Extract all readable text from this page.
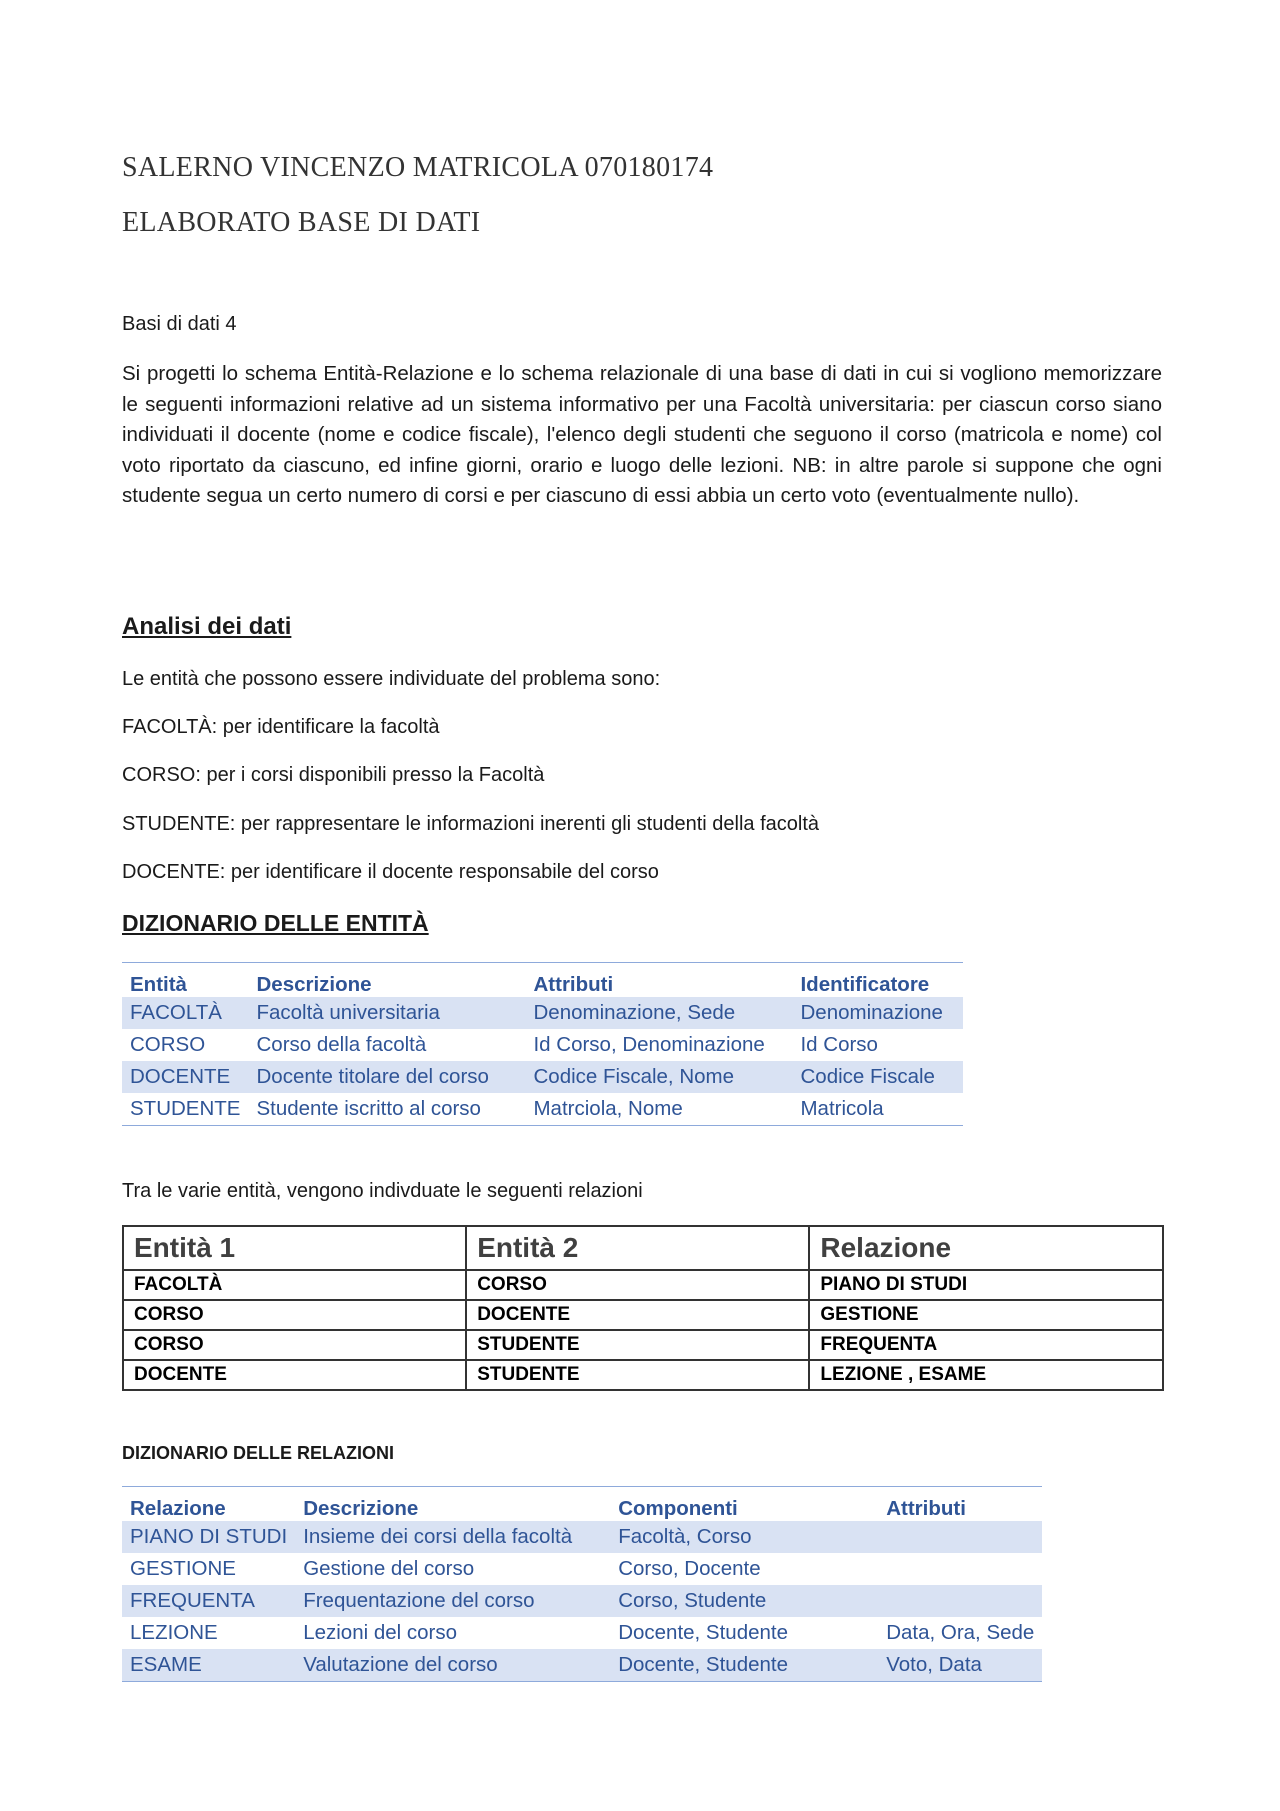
SALERNO VINCENZO MATRICOLA 070180174
ELABORATO BASE DI DATI

Basi di dati 4

Si progetti lo schema Entità-Relazione e lo schema relazionale di una base di dati in cui si vogliono memorizzare le seguenti informazioni relative ad un sistema informativo per una Facoltà universitaria: per ciascun corso siano individuati il docente (nome e codice fiscale), l'elenco degli studenti che seguono il corso (matricola e nome) col voto riportato da ciascuno, ed infine giorni, orario e luogo delle lezioni. NB: in altre parole si suppone che ogni studente segua un certo numero di corsi e per ciascuno di essi abbia un certo voto (eventualmente nullo).

Analisi dei dati

Le entità che possono essere individuate del problema sono:

FACOLTÀ: per identificare la facoltà

CORSO: per i corsi disponibili presso la Facoltà

STUDENTE: per rappresentare le informazioni inerenti gli studenti della facoltà

DOCENTE: per identificare il docente responsabile del corso

DIZIONARIO DELLE ENTITÀ
Entità	Descrizione	Attributi	Identificatore
FACOLTÀ	Facoltà universitaria	Denominazione, Sede	Denominazione
CORSO	Corso della facoltà	Id Corso, Denominazione	Id Corso
DOCENTE	Docente titolare del corso	Codice Fiscale, Nome	Codice Fiscale
STUDENTE	Studente iscritto al corso	Matrciola, Nome	Matricola

Tra le varie entità, vengono indivduate le seguenti relazioni

Entità 1	Entità 2	Relazione
FACOLTÀ	CORSO	PIANO DI STUDI
CORSO	DOCENTE	GESTIONE
CORSO	STUDENTE	FREQUENTA
DOCENTE	STUDENTE	LEZIONE , ESAME
DIZIONARIO DELLE RELAZIONI
Relazione	Descrizione	Componenti	Attributi
PIANO DI STUDI	Insieme dei corsi della facoltà	Facoltà, Corso	
GESTIONE	Gestione del corso	Corso, Docente	
FREQUENTA	Frequentazione del corso	Corso, Studente	
LEZIONE	Lezioni del corso	Docente, Studente	Data, Ora, Sede
ESAME	Valutazione del corso	Docente, Studente	Voto, Data
